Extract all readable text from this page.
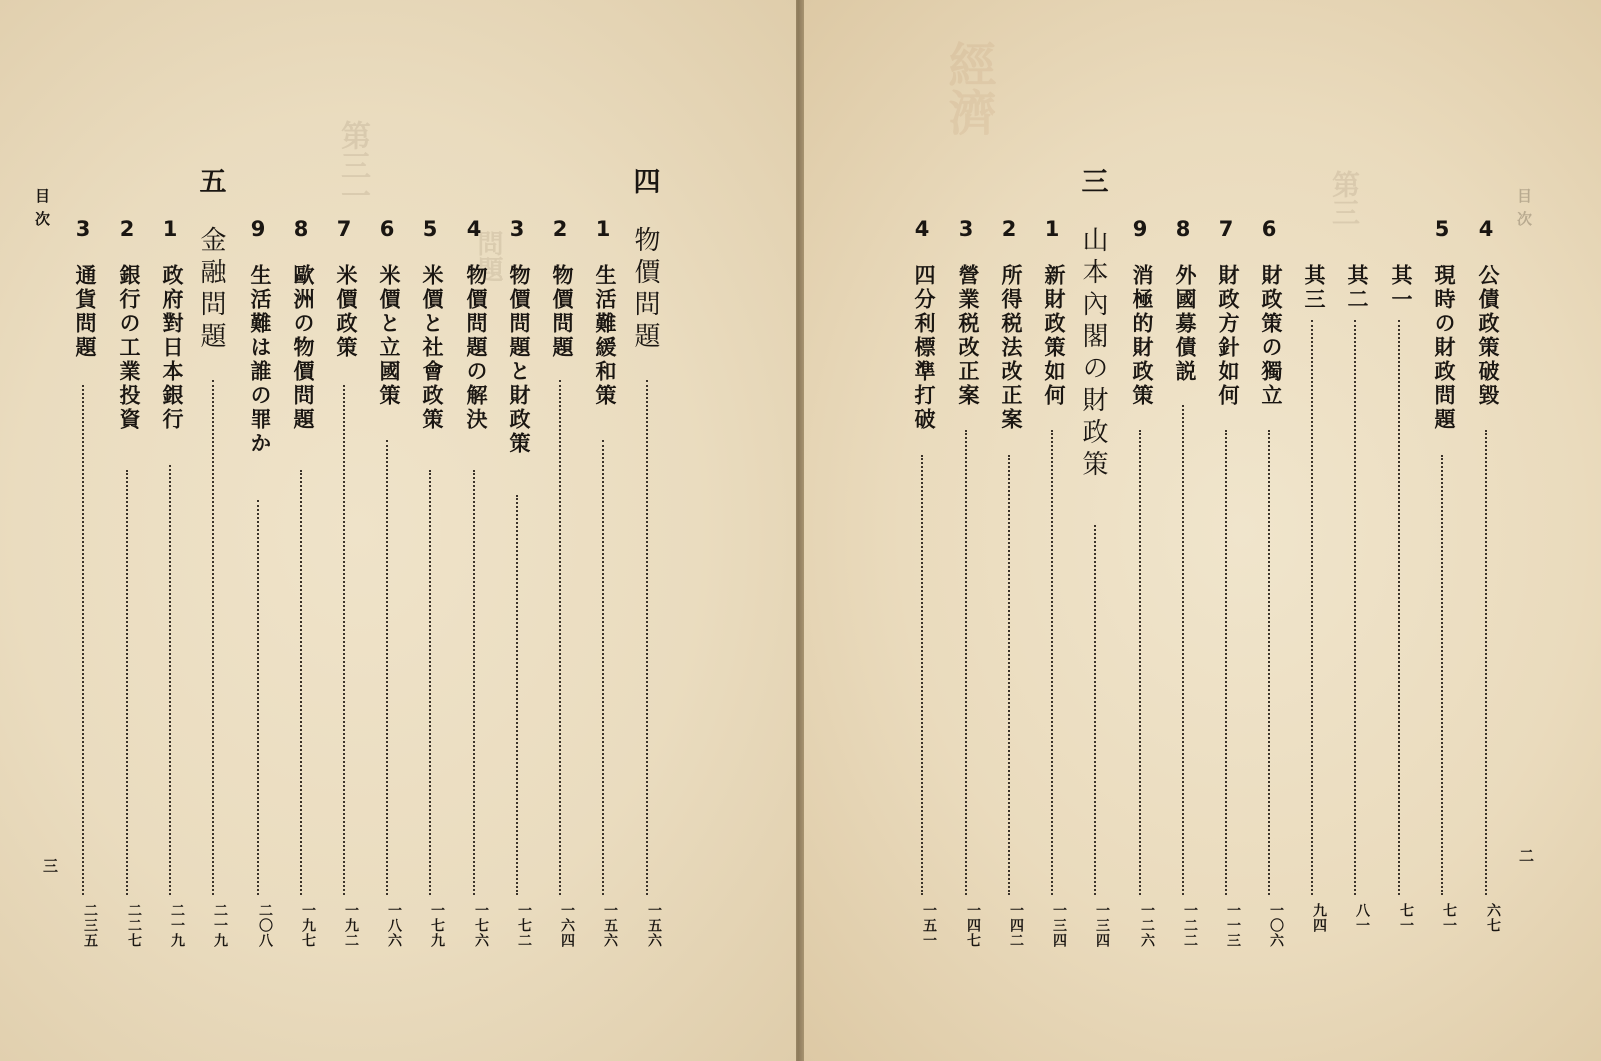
第三一
問題
目次
三
四
物價問題
一五六
1
生活難緩和策
一五六
2
物價問題
一六四
3
物價問題と財政策
一七二
4
物價問題の解決
一七六
5
米價と社會政策
一七九
6
米價と立國策
一八六
7
米價政策
一九二
8
歐洲の物價問題
一九七
9
生活難は誰の罪か
二〇八
五
金融問題
二一九
1
政府對日本銀行
二一九
2
銀行の工業投資
二二七
3
通貨問題
二三五
經濟
第三	目次
二
4
公債政策破毀
六七
5
現時の財政問題
七一
其一
七一
其二
八一
其三
九四
6
財政策の獨立
一〇六
7
財政方針如何
一一三
8
外國募債説
一二二
9
消極的財政策
一二六
三
山本內閣の財政策
一三四
1
新財政策如何
一三四
2
所得税法改正案
一四二
3
營業税改正案
一四七
4
四分利標準打破
一五一
